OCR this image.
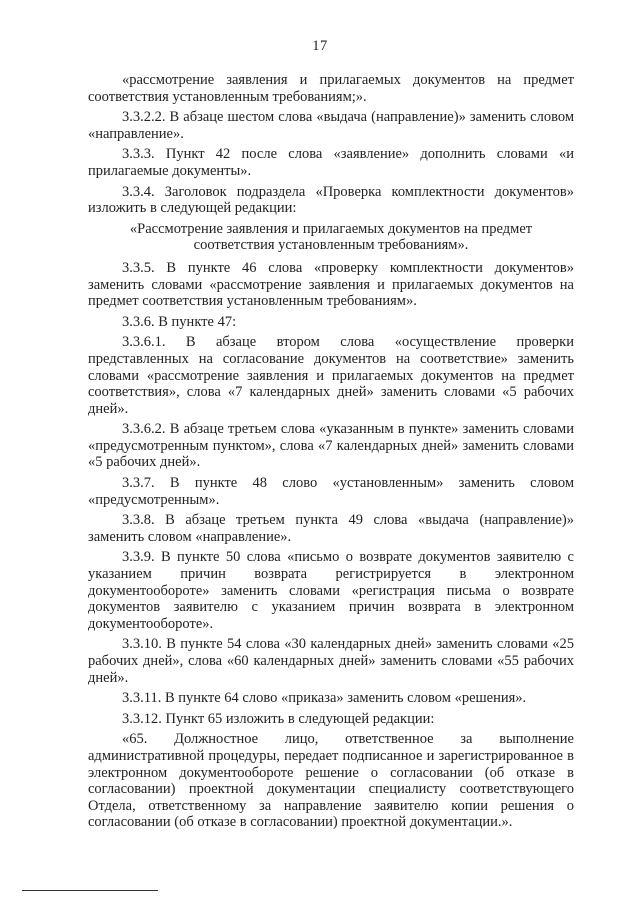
17

«рассмотрение заявления и прилагаемых документов на предмет соответствия установленным требованиям;».

3.3.2.2. В абзаце шестом слова «выдача (направление)» заменить словом «направление».

3.3.3. Пункт 42 после слова «заявление» дополнить словами «и прилагаемые документы».

3.3.4. Заголовок подраздела «Проверка комплектности документов» изложить в следующей редакции:

«Рассмотрение заявления и прилагаемых документов на предмет соответствия установленным требованиям».

3.3.5. В пункте 46 слова «проверку комплектности документов» заменить словами «рассмотрение заявления и прилагаемых документов на предмет соответствия установленным требованиям».

3.3.6. В пункте 47:

3.3.6.1. В абзаце втором слова «осуществление проверки представленных на согласование документов на соответствие» заменить словами «рассмотрение заявления и прилагаемых документов на предмет соответствия», слова «7 календарных дней» заменить словами «5 рабочих дней».

3.3.6.2. В абзаце третьем слова «указанным в пункте» заменить словами «предусмотренным пунктом», слова «7 календарных дней» заменить словами «5 рабочих дней».

3.3.7. В пункте 48 слово «установленным» заменить словом «предусмотренным».

3.3.8. В абзаце третьем пункта 49 слова «выдача (направление)» заменить словом «направление».

3.3.9. В пункте 50 слова «письмо о возврате документов заявителю с указанием причин возврата регистрируется в электронном документообороте» заменить словами «регистрация письма о возврате документов заявителю с указанием причин возврата в электронном документообороте».

3.3.10. В пункте 54 слова «30 календарных дней» заменить словами «25 рабочих дней», слова «60 календарных дней» заменить словами «55 рабочих дней».

3.3.11. В пункте 64 слово «приказа» заменить словом «решения».

3.3.12. Пункт 65 изложить в следующей редакции:

«65. Должностное лицо, ответственное за выполнение административной процедуры, передает подписанное и зарегистрированное в электронном документообороте решение о согласовании (об отказе в согласовании) проектной документации специалисту соответствующего Отдела, ответственному за направление заявителю копии решения о согласовании (об отказе в согласовании) проектной документации.».
